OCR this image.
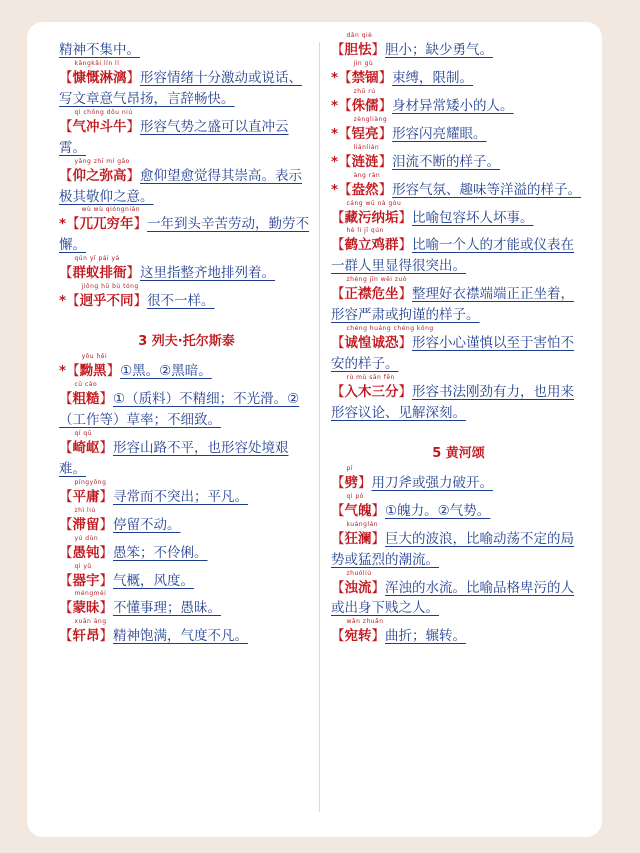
精神不集中。
【
kāngkǎi lín lí
慷慨淋漓】形容情绪十分激动或说话、写文章意气昂扬，言辞畅快。
【
qì chōng dǒu niú
气冲斗牛】形容气势之盛可以直冲云霄。
【
yǎng zhī mí gāo
仰之弥高】愈仰望愈觉得其崇高。表示极其敬仰之意。
*【
wù wù qióngnián
兀兀穷年】一年到头辛苦劳动，勤劳不懈。
【
qún yǐ pái yá
群蚁排衙】这里指整齐地排列着。
*【
jiǒng hū bù tóng
迥乎不同】很不一样。
3 列夫·托尔斯泰
*【
yǒu hēi
黝黑】①黑。②黑暗。
【
cū cāo
粗糙】①（质料）不精细；不光滑。②（工作等）草率；不细致。
【
qí qū
崎岖】形容山路不平，也形容处境艰难。
【
píngyōng
平庸】寻常而不突出；平凡。
【
zhì liú
滞留】停留不动。
【
yú dùn
愚钝】愚笨；不伶俐。
【
qì yǔ
器宇】气概，风度。
【
méngmèi
蒙昧】不懂事理；愚昧。
【
xuān áng
轩昂】精神饱满，气度不凡。
【
dǎn qiè
胆怯】胆小；缺少勇气。
*【
jìn gù
禁锢】束缚，限制。
*【
zhū rú
侏儒】身材异常矮小的人。
*【
zèngliàng
锃亮】形容闪亮耀眼。
*【
liánlián
涟涟】泪流不断的样子。
*【
àng rán
盎然】形容气氛、趣味等洋溢的样子。
【
cáng wū nà gòu
藏污纳垢】比喻包容坏人坏事。
【
hè lì jī qún
鹤立鸡群】比喻一个人的才能或仪表在一群人里显得很突出。
【
zhèng jīn wēi zuò
正襟危坐】整理好衣襟端端正正坐着，形容严肃或拘谨的样子。
【
chéng huáng chéng kǒng
诚惶诚恐】形容小心谨慎以至于害怕不安的样子。
【
rù mù sān fēn
入木三分】形容书法刚劲有力，也用来形容议论、见解深刻。
5 黄河颂
【
pī
劈】用刀斧或强力破开。
【
qì pò
气魄】①魄力。②气势。
【
kuánglán
狂澜】巨大的波浪，比喻动荡不定的局势或猛烈的潮流。
【
zhuóliú
浊流】浑浊的水流。比喻品格卑污的人或出身下贱之人。
【
wǎn zhuǎn
宛转】曲折；辗转。
